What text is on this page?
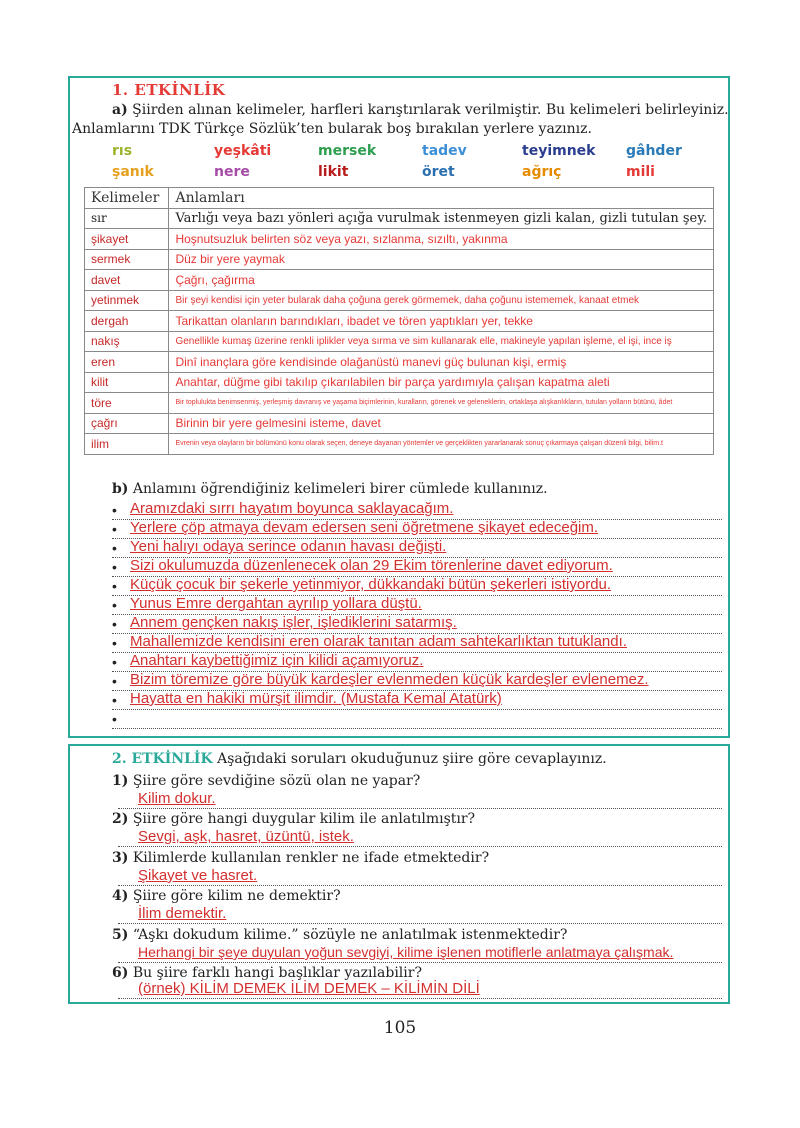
1. ETKİNLİK
a) Şiirden alınan kelimeler, harfleri karıştırılarak verilmiştir. Bu kelimeleri belirleyiniz.
Anlamlarını TDK Türkçe Sözlük’ten bularak boş bırakılan yerlere yazınız.
rıs	yeşkâti	mersek	tadev	teyimnek gâhder
şanık	nere	likit	öret	ağrıç	mili
Kelimeler	Anlamları
sır	Varlığı veya bazı yönleri açığa vurulmak istenmeyen gizli kalan, gizli tutulan şey.
şikayet	Hoşnutsuzluk belirten söz veya yazı, sızlanma, sızıltı, yakınma
sermek	Düz bir yere yaymak
davet	Çağrı, çağırma
yetinmek	Bir şeyi kendisi için yeter bularak daha çoğuna gerek görmemek, daha çoğunu istememek, kanaat etmek
dergah	Tarikattan olanların barındıkları, ibadet ve tören yaptıkları yer, tekke
nakış	Genellikle kumaş üzerine renkli iplikler veya sırma ve sim kullanarak elle, makineyle yapılan işleme, el işi, ince iş
eren	Dinî inançlara göre kendisinde olağanüstü manevi güç bulunan kişi, ermiş
kilit	Anahtar, düğme gibi takılıp çıkarılabilen bir parça yardımıyla çalışan kapatma aleti
töre	Bir toplulukta benimsenmiş, yerleşmiş davranış ve yaşama biçimlerinin, kuralların, görenek ve geleneklerin, ortaklaşa alışkanlıkların, tutulan yolların bütünü, âdet
çağrı	Birinin bir yere gelmesini isteme, davet
ilim	Evrenin veya olayların bir bölümünü konu olarak seçen, deneye dayanan yöntemler ve gerçeklikten yararlanarak sonuç çıkarmaya çalışan düzenli bilgi, bilim.t
b) Anlamını öğrendiğiniz kelimeleri birer cümlede kullanınız.
• Aramızdaki sırrı hayatım boyunca saklayacağım.
• Yerlere çöp atmaya devam edersen seni öğretmene şikayet edeceğim.
• Yeni halıyı odaya serince odanın havası değişti.
• Sizi okulumuzda düzenlenecek olan 29 Ekim törenlerine davet ediyorum.
• Küçük çocuk bir şekerle yetinmiyor, dükkandaki bütün şekerleri istiyordu.
• Yunus Emre dergahtan ayrılıp yollara düştü.
• Annem gençken nakış işler, işlediklerini satarmış.
• Mahallemizde kendisini eren olarak tanıtan adam sahtekarlıktan tutuklandı.
• Anahtarı kaybettiğimiz için kilidi açamıyoruz.
• Bizim töremize göre büyük kardeşler evlenmeden küçük kardeşler evlenemez.
• Hayatta en hakiki mürşit ilimdir. (Mustafa Kemal Atatürk)
•
2. ETKİNLİK Aşağıdaki soruları okuduğunuz şiire göre cevaplayınız.
1) Şiire göre sevdiğine sözü olan ne yapar?
Kilim dokur.
2) Şiire göre hangi duygular kilim ile anlatılmıştır?
Sevgi, aşk, hasret, üzüntü, istek.
3) Kilimlerde kullanılan renkler ne ifade etmektedir?
Şikayet ve hasret.
4) Şiire göre kilim ne demektir?
İlim demektir.
5) “Aşkı dokudum kilime.” sözüyle ne anlatılmak istenmektedir?
Herhangi bir şeye duyulan yoğun sevgiyi, kilime işlenen motiflerle anlatmaya çalışmak.
6) Bu şiire farklı hangi başlıklar yazılabilir?
(örnek) KİLİM DEMEK İLİM DEMEK – KİLİMİN DİLİ
105
